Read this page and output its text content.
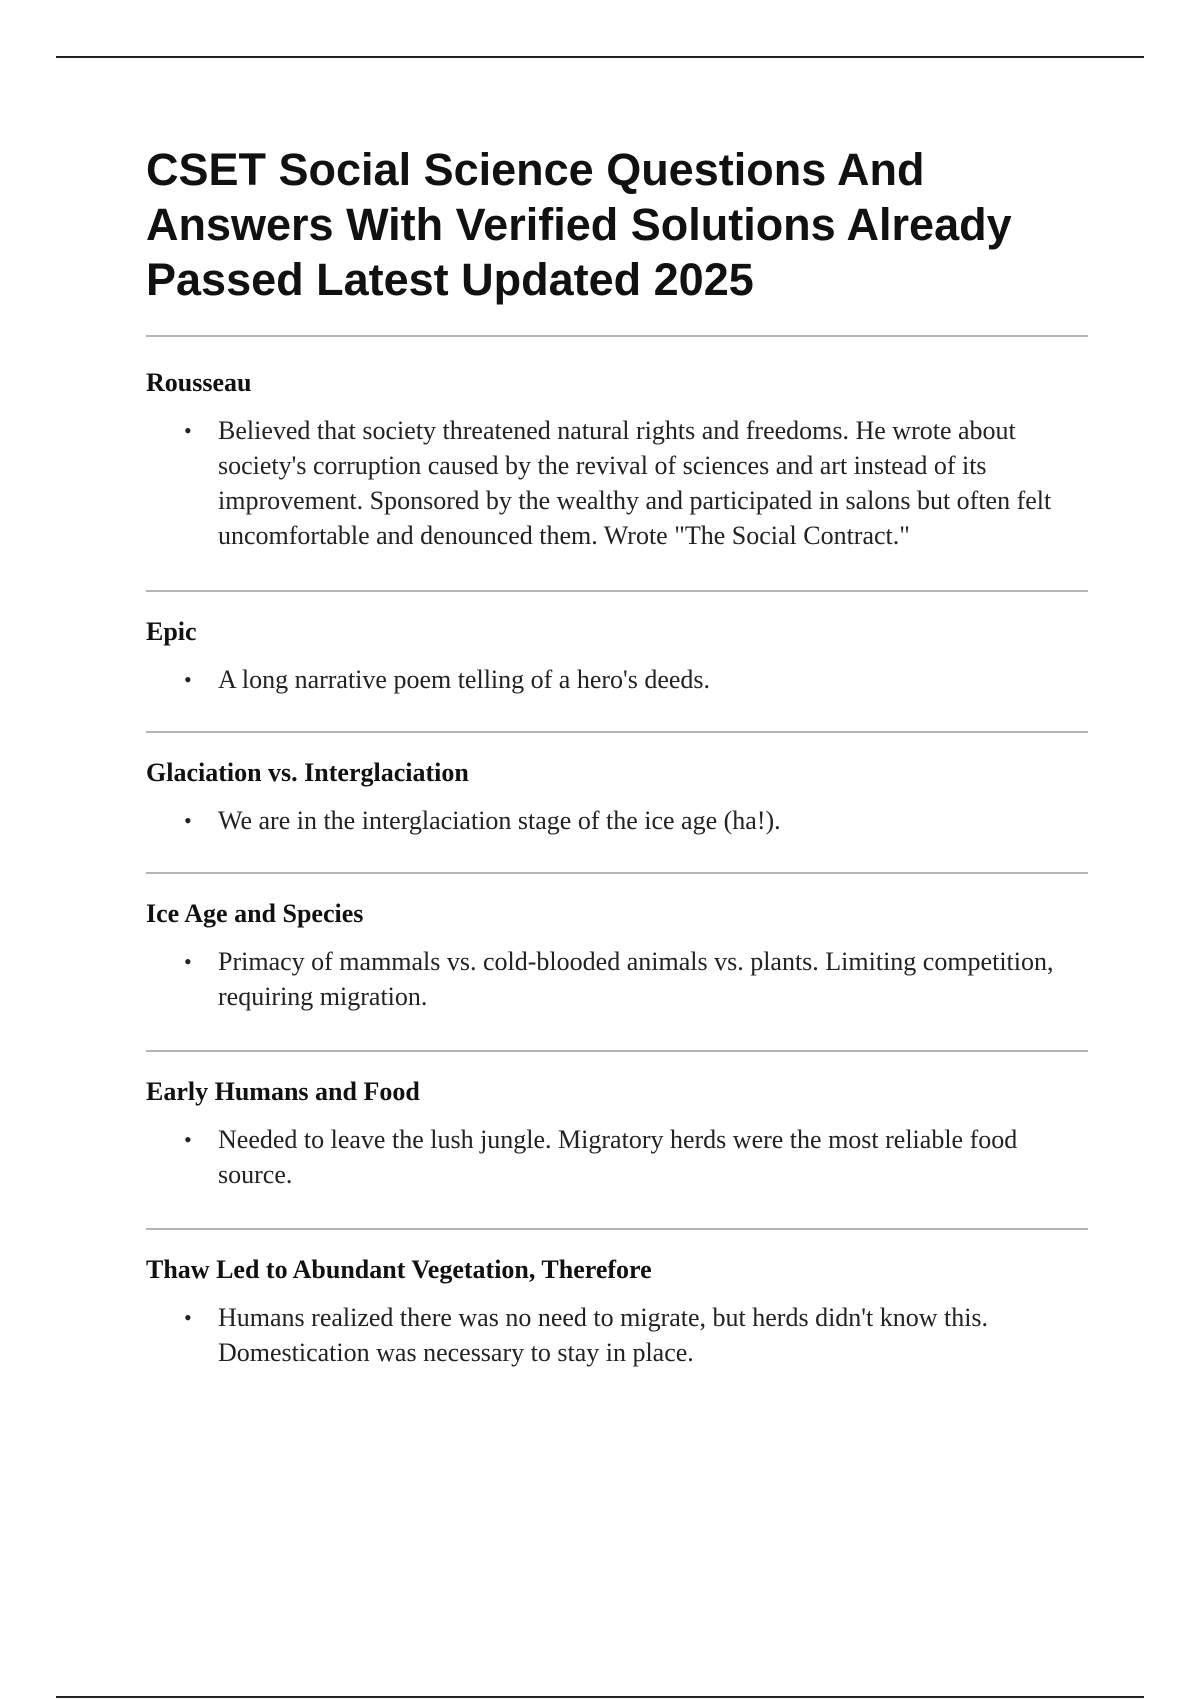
CSET Social Science Questions And Answers With Verified Solutions Already Passed Latest Updated 2025
Rousseau
• Believed that society threatened natural rights and freedoms. He wrote about society's corruption caused by the revival of sciences and art instead of its improvement. Sponsored by the wealthy and participated in salons but often felt uncomfortable and denounced them. Wrote "The Social Contract."
Epic
• A long narrative poem telling of a hero's deeds.
Glaciation vs. Interglaciation
• We are in the interglaciation stage of the ice age (ha!).
Ice Age and Species
• Primacy of mammals vs. cold-blooded animals vs. plants. Limiting competition, requiring migration.
Early Humans and Food
• Needed to leave the lush jungle. Migratory herds were the most reliable food source.
Thaw Led to Abundant Vegetation, Therefore
• Humans realized there was no need to migrate, but herds didn't know this. Domestication was necessary to stay in place.
